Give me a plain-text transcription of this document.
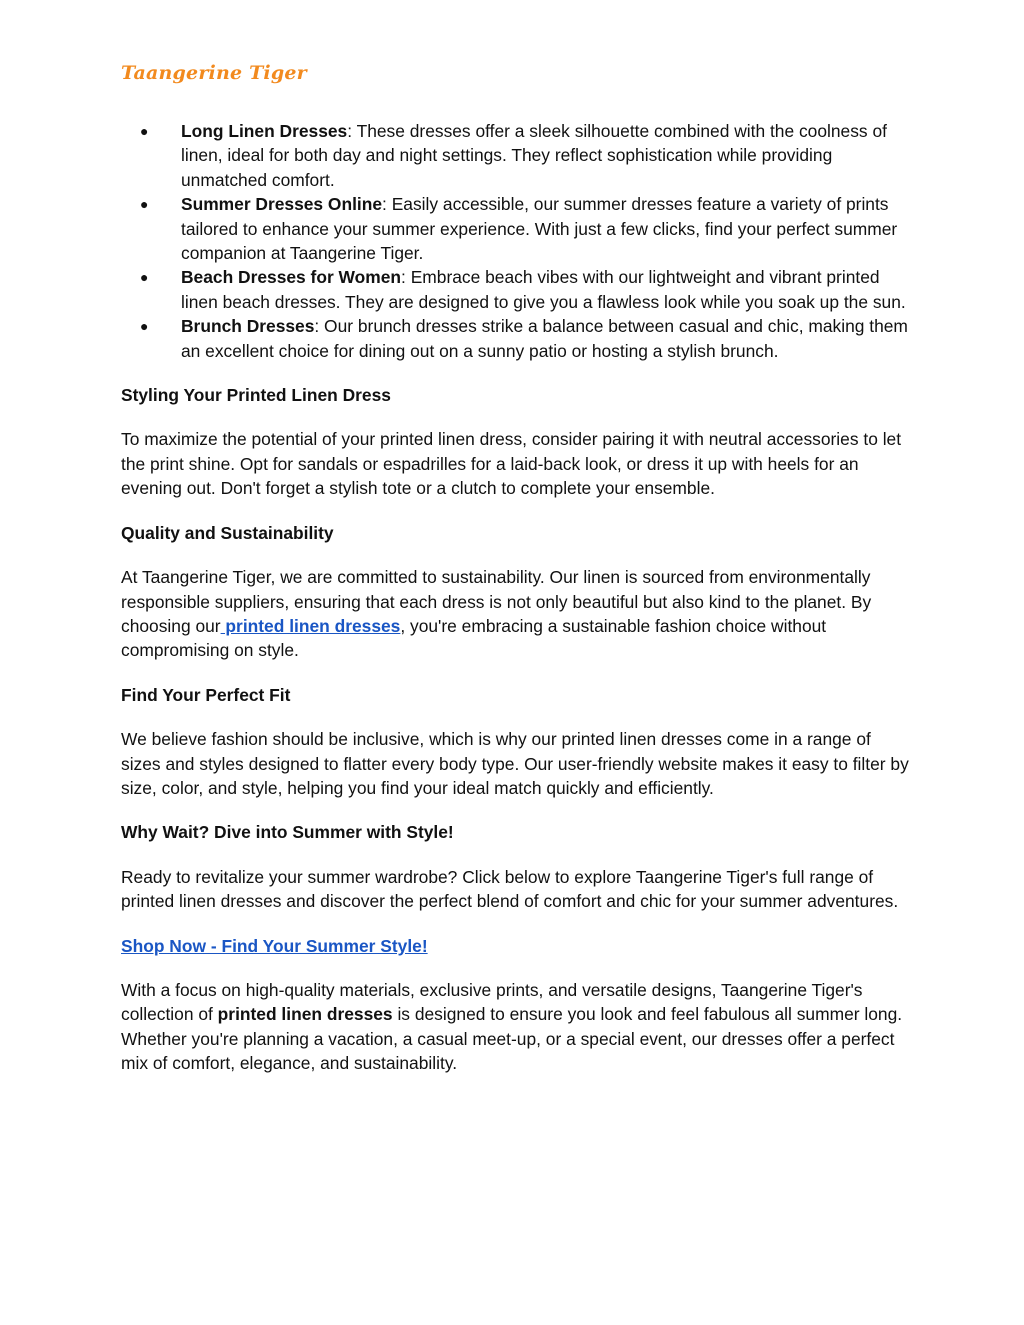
Taangerine Tiger
● Long Linen Dresses: These dresses offer a sleek silhouette combined with the coolness of linen, ideal for both day and night settings. They reflect sophistication while providing unmatched comfort.
● Summer Dresses Online: Easily accessible, our summer dresses feature a variety of prints tailored to enhance your summer experience. With just a few clicks, find your perfect summer companion at Taangerine Tiger.
● Beach Dresses for Women: Embrace beach vibes with our lightweight and vibrant printed linen beach dresses. They are designed to give you a flawless look while you soak up the sun.
● Brunch Dresses: Our brunch dresses strike a balance between casual and chic, making them an excellent choice for dining out on a sunny patio or hosting a stylish brunch.
Styling Your Printed Linen Dress
To maximize the potential of your printed linen dress, consider pairing it with neutral accessories to let the print shine. Opt for sandals or espadrilles for a laid-back look, or dress it up with heels for an evening out. Don't forget a stylish tote or a clutch to complete your ensemble.
Quality and Sustainability
At Taangerine Tiger, we are committed to sustainability. Our linen is sourced from environmentally responsible suppliers, ensuring that each dress is not only beautiful but also kind to the planet. By choosing our printed linen dresses, you're embracing a sustainable fashion choice without compromising on style.
Find Your Perfect Fit
We believe fashion should be inclusive, which is why our printed linen dresses come in a range of sizes and styles designed to flatter every body type. Our user-friendly website makes it easy to filter by size, color, and style, helping you find your ideal match quickly and efficiently.
Why Wait? Dive into Summer with Style!
Ready to revitalize your summer wardrobe? Click below to explore Taangerine Tiger's full range of printed linen dresses and discover the perfect blend of comfort and chic for your summer adventures.
Shop Now - Find Your Summer Style!
With a focus on high-quality materials, exclusive prints, and versatile designs, Taangerine Tiger's collection of printed linen dresses is designed to ensure you look and feel fabulous all summer long. Whether you're planning a vacation, a casual meet-up, or a special event, our dresses offer a perfect mix of comfort, elegance, and sustainability.
